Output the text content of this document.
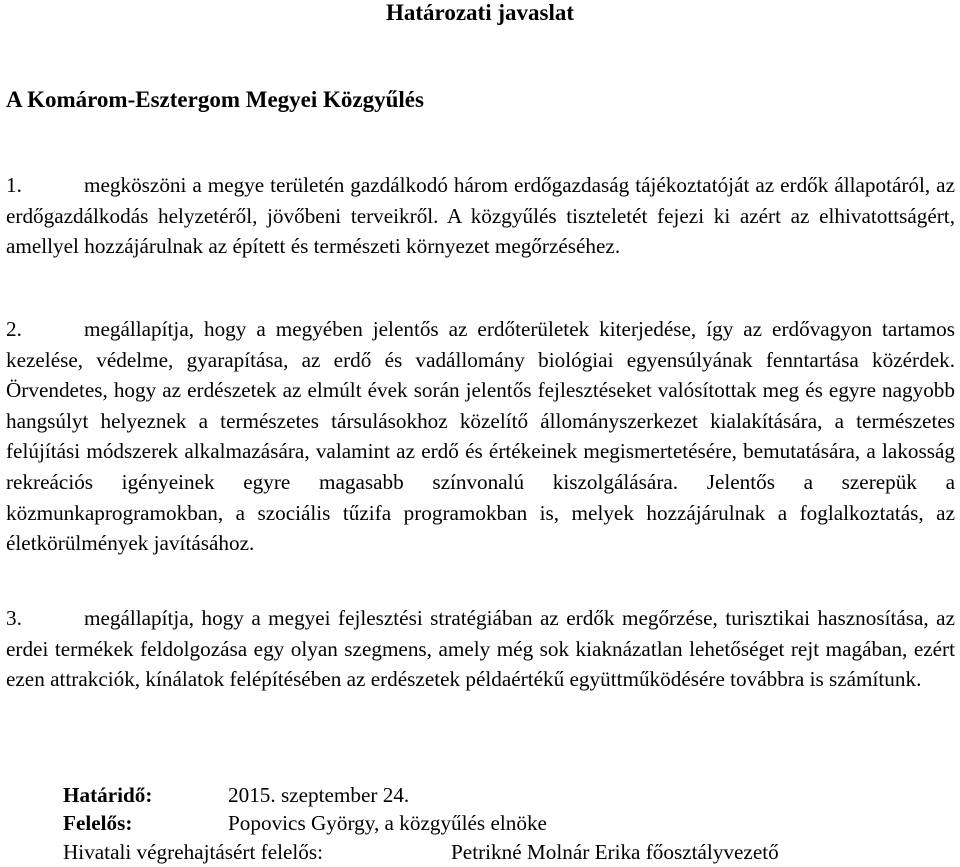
Határozati javaslat
A Komárom-Esztergom Megyei Közgyűlés

1.	megköszöni a megye területén gazdálkodó három erdőgazdaság tájékoztatóját az erdők állapotáról, az erdőgazdálkodás helyzetéről, jövőbeni terveikről. A közgyűlés tiszteletét fejezi ki azért az elhivatottságért, amellyel hozzájárulnak az épített és természeti környezet megőrzéséhez.

2.	megállapítja, hogy a megyében jelentős az erdőterületek kiterjedése, így az erdővagyon tartamos kezelése, védelme, gyarapítása, az erdő és vadállomány biológiai egyensúlyának fenntartása közérdek. Örvendetes, hogy az erdészetek az elmúlt évek során jelentős fejlesztéseket valósítottak meg és egyre nagyobb hangsúlyt helyeznek a természetes társulásokhoz közelítő állományszerkezet kialakítására, a természetes felújítási módszerek alkalmazására, valamint az erdő és értékeinek megismertetésére, bemutatására, a lakosság rekreációs igényeinek egyre magasabb színvonalú kiszolgálására. Jelentős a szerepük a közmunkaprogramokban, a szociális tűzifa programokban is, melyek hozzájárulnak a foglalkoztatás, az életkörülmények javításához.

3.	megállapítja, hogy a megyei fejlesztési stratégiában az erdők megőrzése, turisztikai hasznosítása, az erdei termékek feldolgozása egy olyan szegmens, amely még sok kiaknázatlan lehetőséget rejt magában, ezért ezen attrakciók, kínálatok felépítésében az erdészetek példaértékű együttműködésére továbbra is számítunk.

Határidő:	2015. szeptember 24.
Felelős:	Popovics György, a közgyűlés elnöke
Hivatali végrehajtásért felelős:	Petrikné Molnár Erika főosztályvezető
